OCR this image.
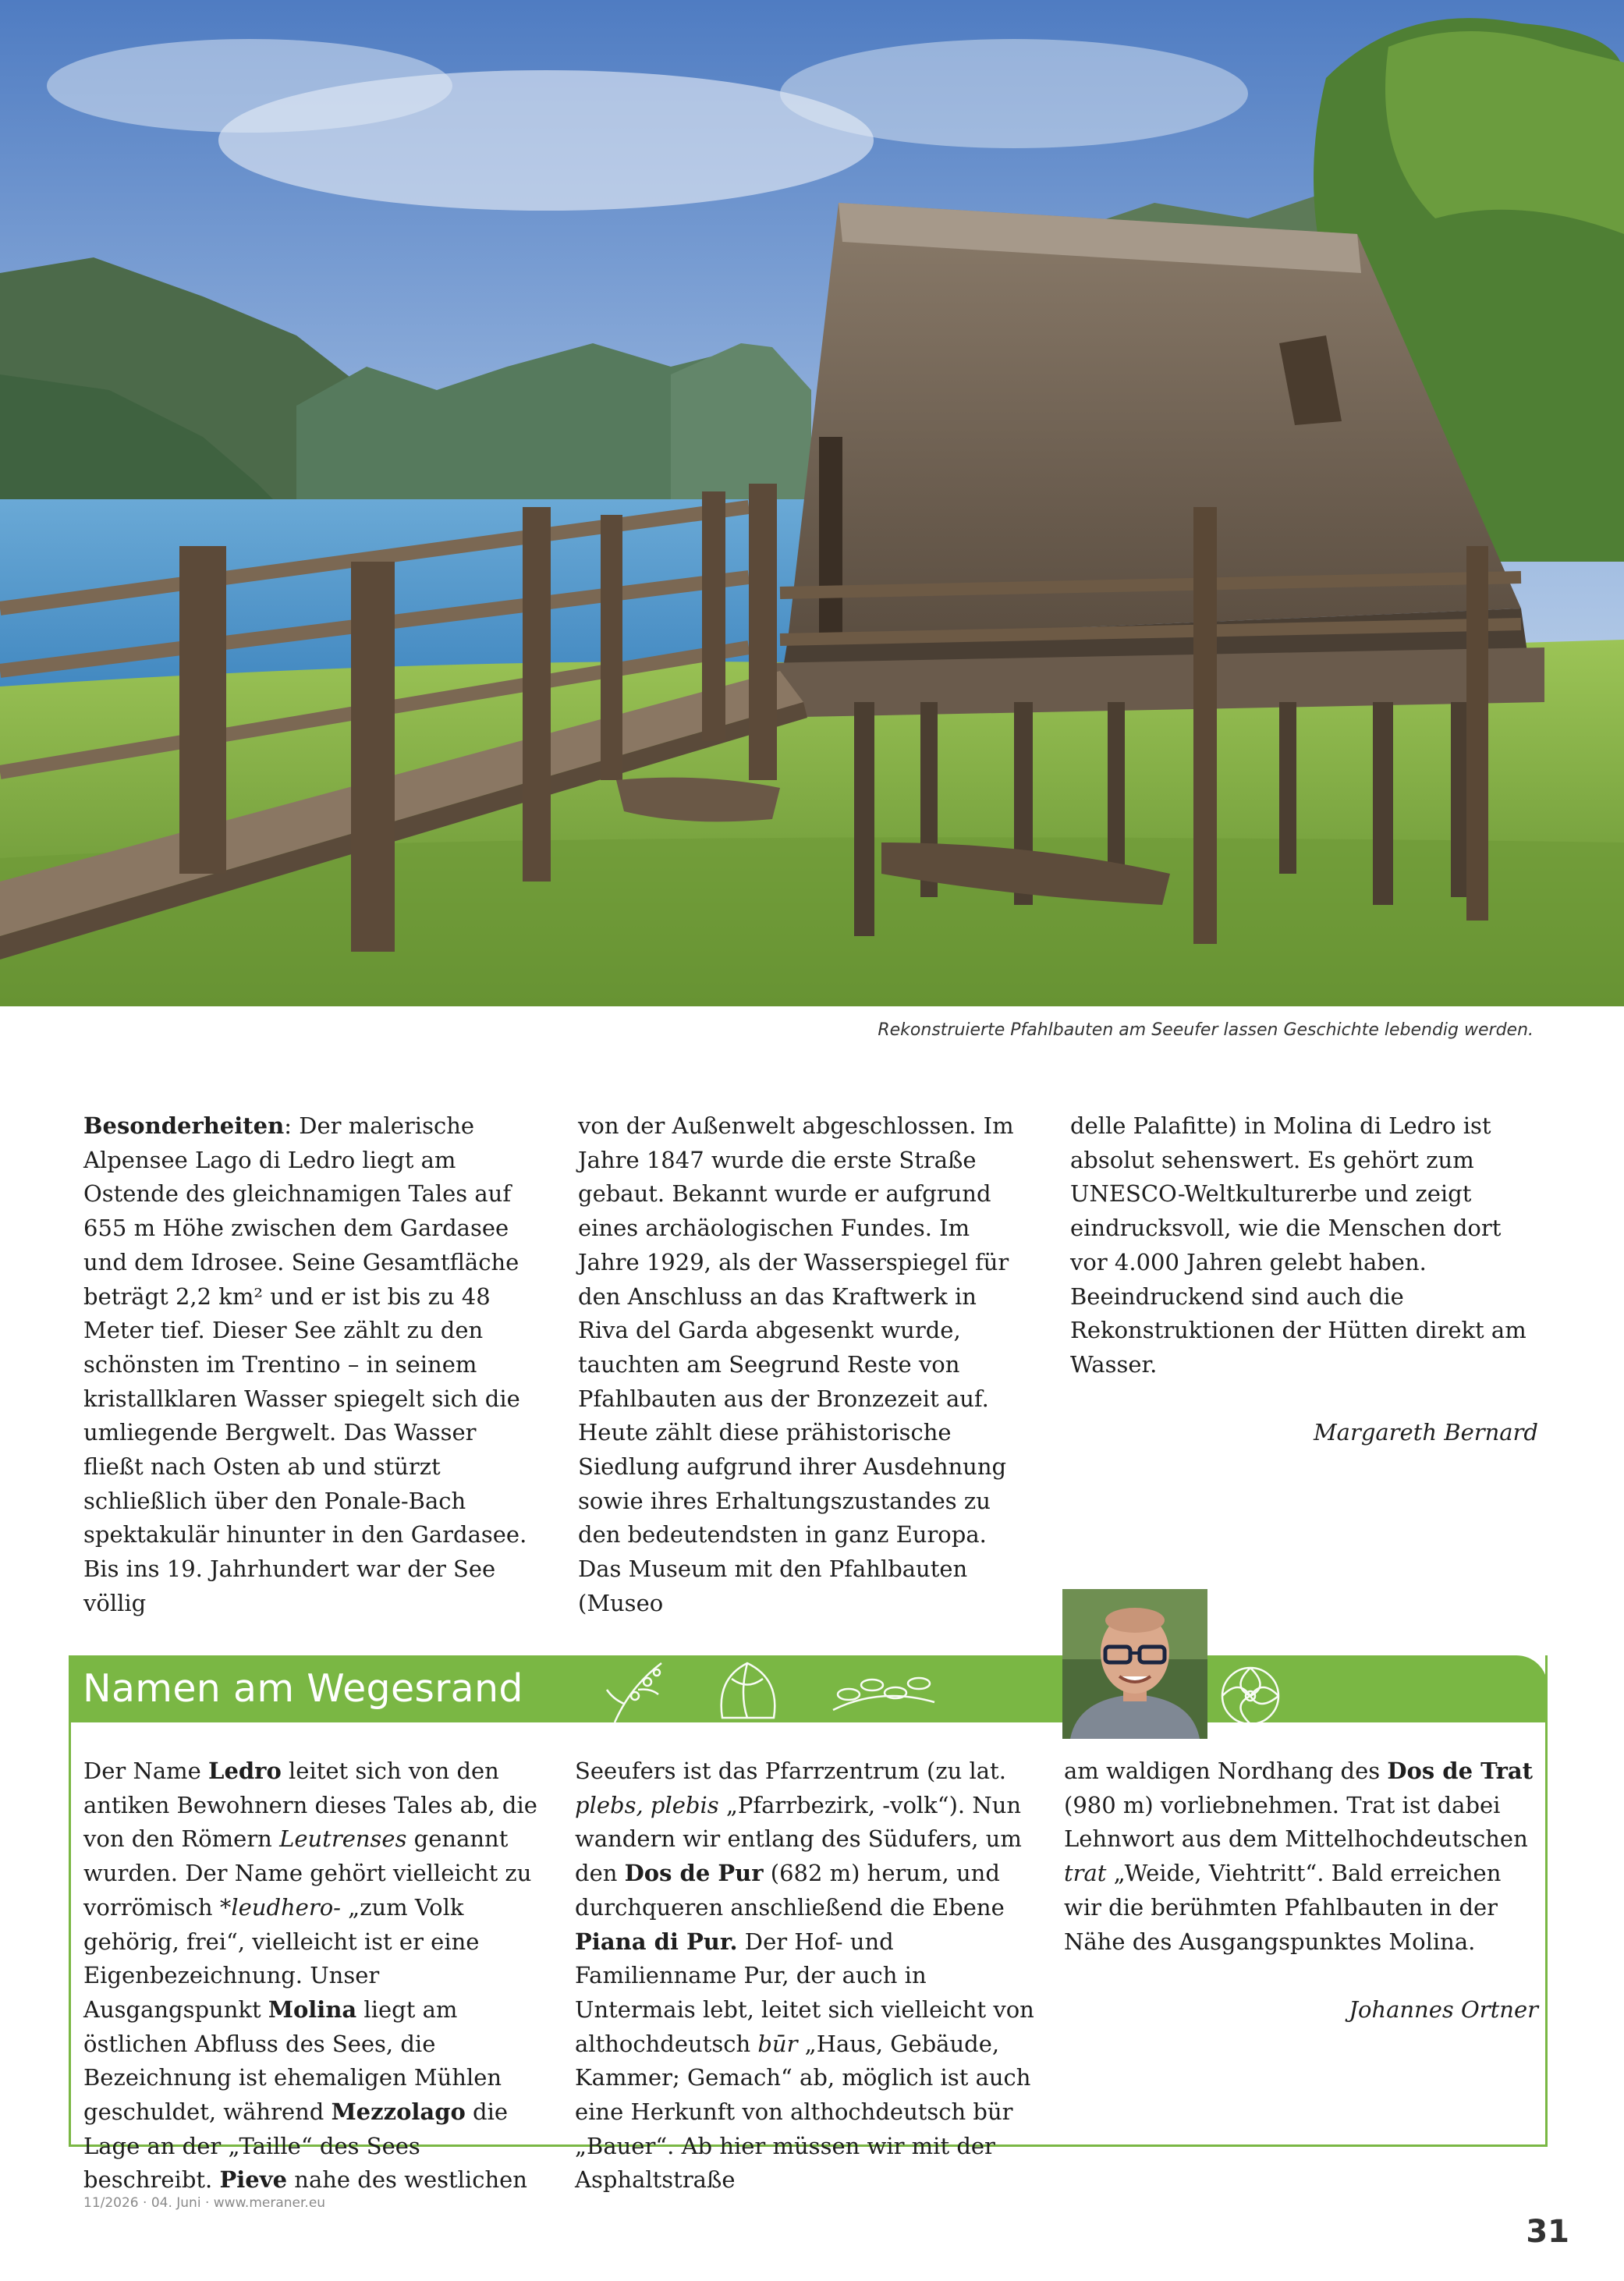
Rekonstruierte Pfahlbauten am Seeufer lassen Geschichte lebendig werden.

Besonderheiten: Der malerische Alpensee Lago di Ledro liegt am Ostende des gleichnamigen Tales auf 655 m Höhe zwischen dem Gardasee und dem Idrosee. Seine Gesamtfläche beträgt 2,2 km² und er ist bis zu 48 Meter tief. Dieser See zählt zu den schönsten im Trentino – in seinem kristallklaren Wasser spiegelt sich die umliegende Bergwelt. Das Wasser fließt nach Osten ab und stürzt schließlich über den Ponale-Bach spektakulär hinunter in den Gardasee.

Bis ins 19. Jahrhundert war der See völlig

von der Außenwelt abgeschlossen. Im Jahre 1847 wurde die erste Straße gebaut. Bekannt wurde er aufgrund eines archäologischen Fundes. Im Jahre 1929, als der Wasserspiegel für den Anschluss an das Kraftwerk in Riva del Garda abgesenkt wurde, tauchten am Seegrund Reste von Pfahlbauten aus der Bronzezeit auf. Heute zählt diese prähistorische Siedlung aufgrund ihrer Ausdehnung sowie ihres Erhaltungszustandes zu den bedeutendsten in ganz Europa.

Das Museum mit den Pfahlbauten (Museo

delle Palafitte) in Molina di Ledro ist absolut sehenswert. Es gehört zum UNESCO-Weltkulturerbe und zeigt eindrucksvoll, wie die Menschen dort vor 4.000 Jahren gelebt haben. Beeindruckend sind auch die Rekonstruktionen der Hütten direkt am Wasser.

Margareth Bernard

Namen am Wegesrand

Der Name Ledro leitet sich von den antiken Bewohnern dieses Tales ab, die von den Römern Leutrenses genannt wurden. Der Name gehört vielleicht zu vorrömisch *leudhero- „zum Volk gehörig, frei“, vielleicht ist er eine Eigenbezeichnung. Unser Ausgangspunkt Molina liegt am östlichen Abfluss des Sees, die Bezeichnung ist ehemaligen Mühlen geschuldet, während Mezzolago die Lage an der „Taille“ des Sees beschreibt. Pieve nahe des westlichen

Seeufers ist das Pfarrzentrum (zu lat. plebs, plebis „Pfarrbezirk, -volk“). Nun wandern wir entlang des Südufers, um den Dos de Pur (682 m) herum, und durchqueren anschließend die Ebene Piana di Pur. Der Hof- und Familienname Pur, der auch in Untermais lebt, leitet sich vielleicht von althochdeutsch būr „Haus, Gebäude, Kammer; Gemach“ ab, möglich ist auch eine Herkunft von althochdeutsch bür „Bauer“. Ab hier müssen wir mit der Asphaltstraße

am waldigen Nordhang des Dos de Trat (980 m) vorliebnehmen. Trat ist dabei Lehnwort aus dem Mittelhochdeutschen trat „Weide, Viehtritt“. Bald erreichen wir die berühmten Pfahlbauten in der Nähe des Ausgangspunktes Molina.

Johannes Ortner

11/2026 · 04. Juni · www.meraner.eu
31
